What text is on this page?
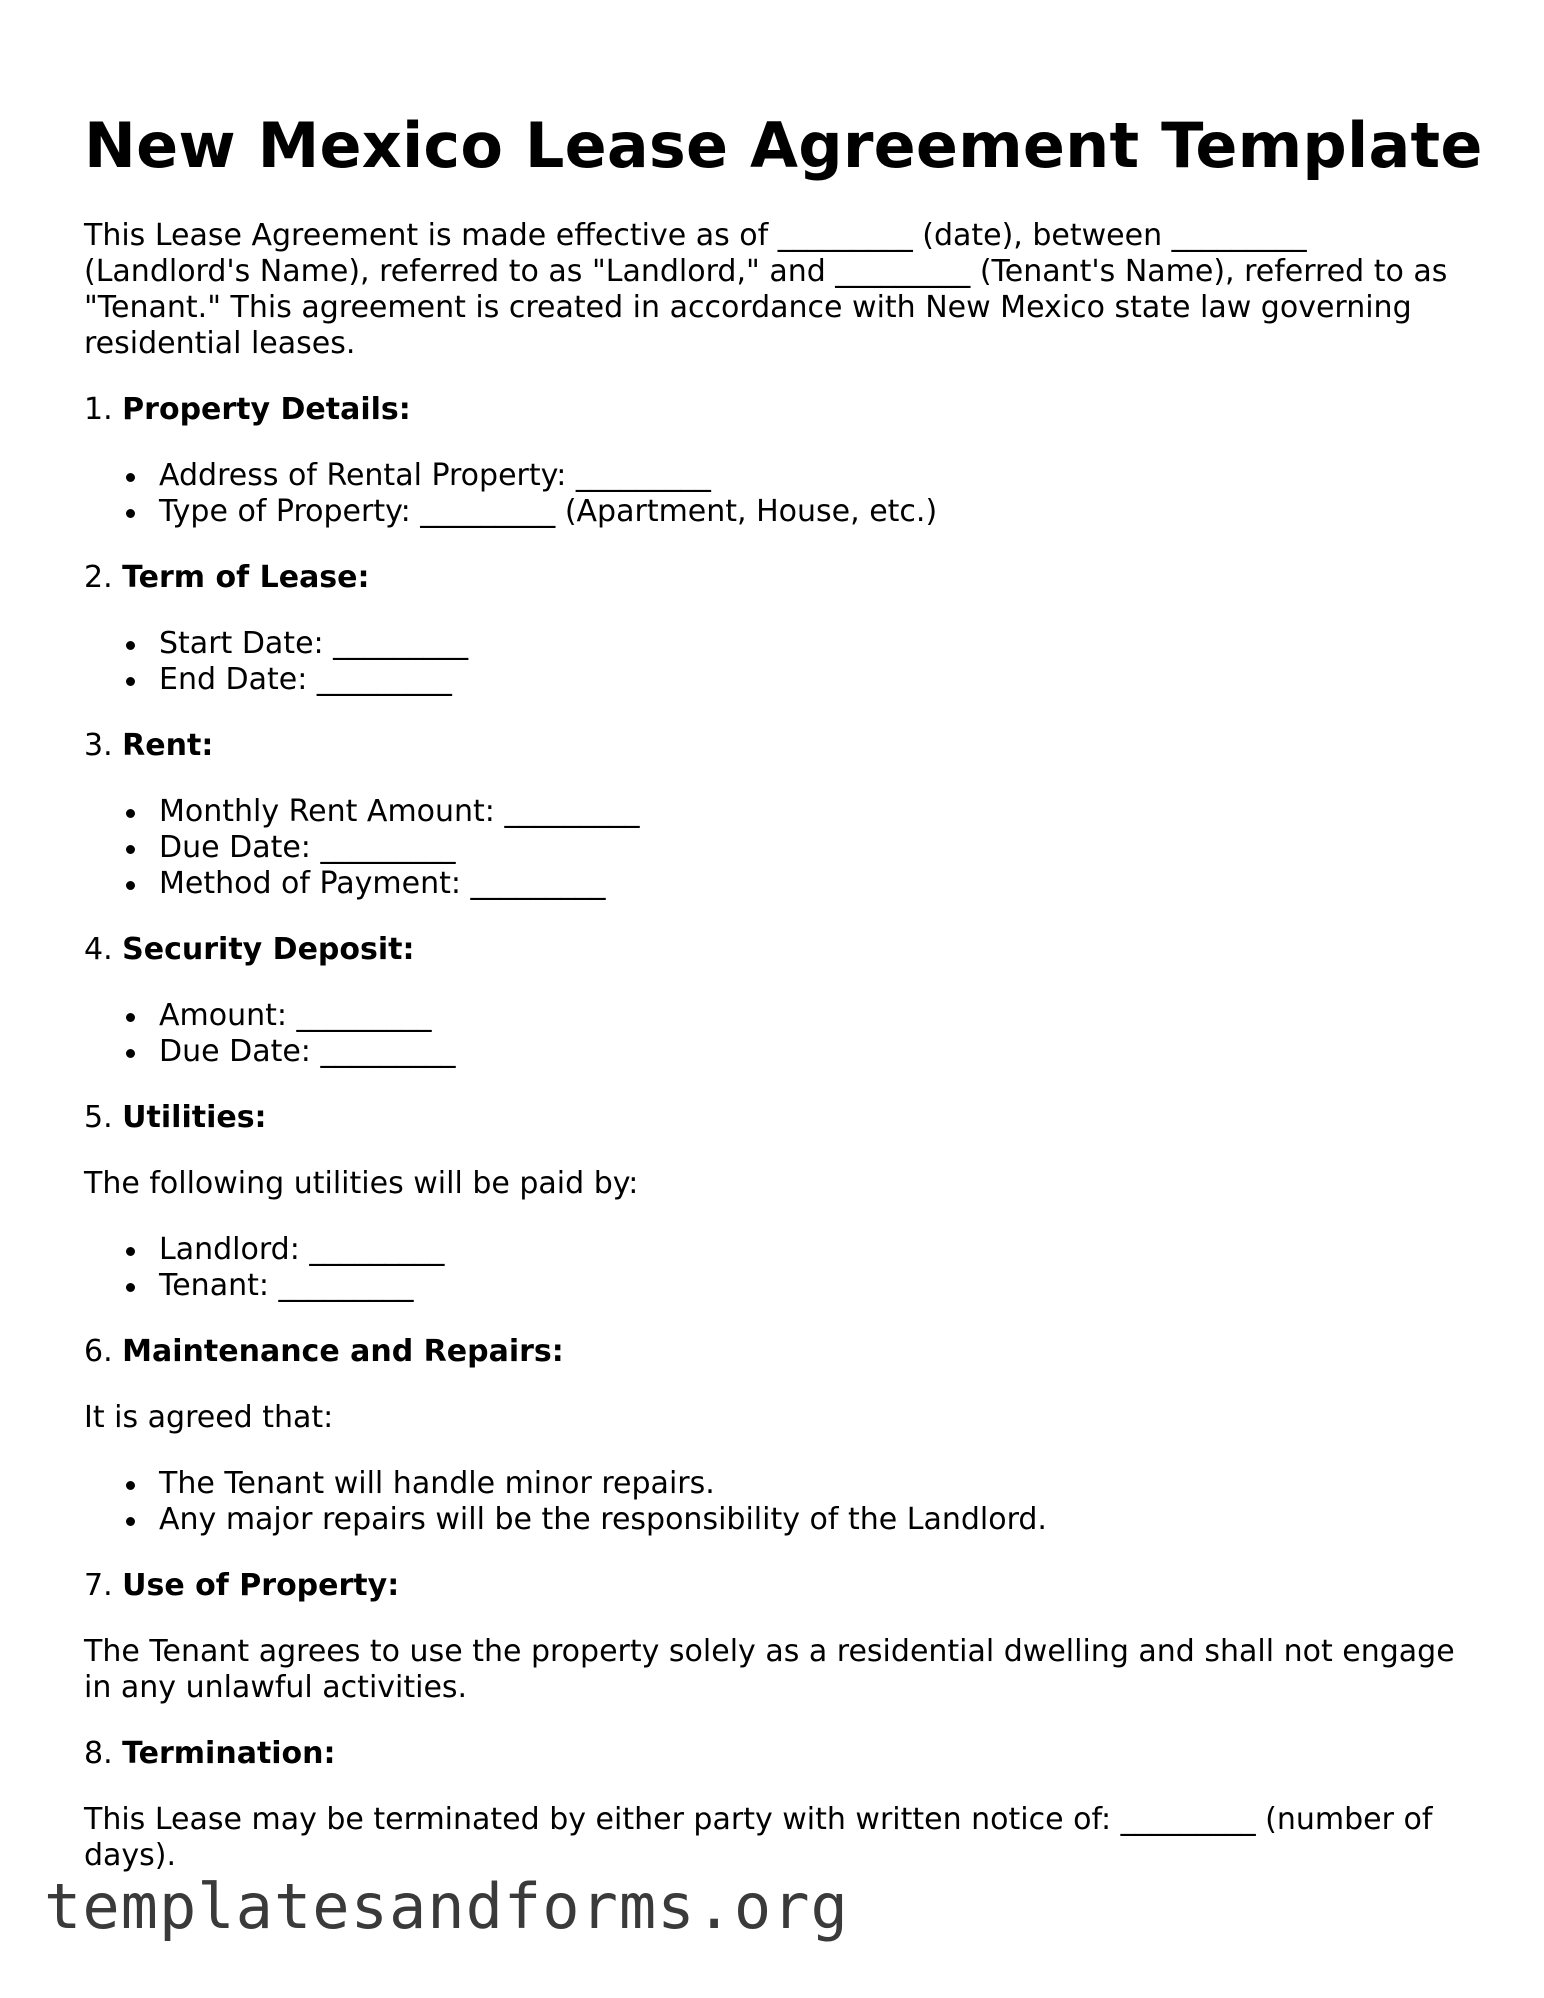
New Mexico Lease Agreement Template

This Lease Agreement is made effective as of _________ (date), between _________ (Landlord's Name), referred to as "Landlord," and _________ (Tenant's Name), referred to as "Tenant." This agreement is created in accordance with New Mexico state law governing residential leases.

1. Property Details:

Address of Rental Property: _________
Type of Property: _________ (Apartment, House, etc.)

2. Term of Lease:

Start Date: _________
End Date: _________

3. Rent:

Monthly Rent Amount: _________
Due Date: _________
Method of Payment: _________

4. Security Deposit:

Amount: _________
Due Date: _________

5. Utilities:

The following utilities will be paid by:

Landlord: _________
Tenant: _________

6. Maintenance and Repairs:

It is agreed that:

The Tenant will handle minor repairs.
Any major repairs will be the responsibility of the Landlord.

7. Use of Property:

The Tenant agrees to use the property solely as a residential dwelling and shall not engage in any unlawful activities.

8. Termination:

This Lease may be terminated by either party with written notice of: _________ (number of days).

templatesandforms.org
